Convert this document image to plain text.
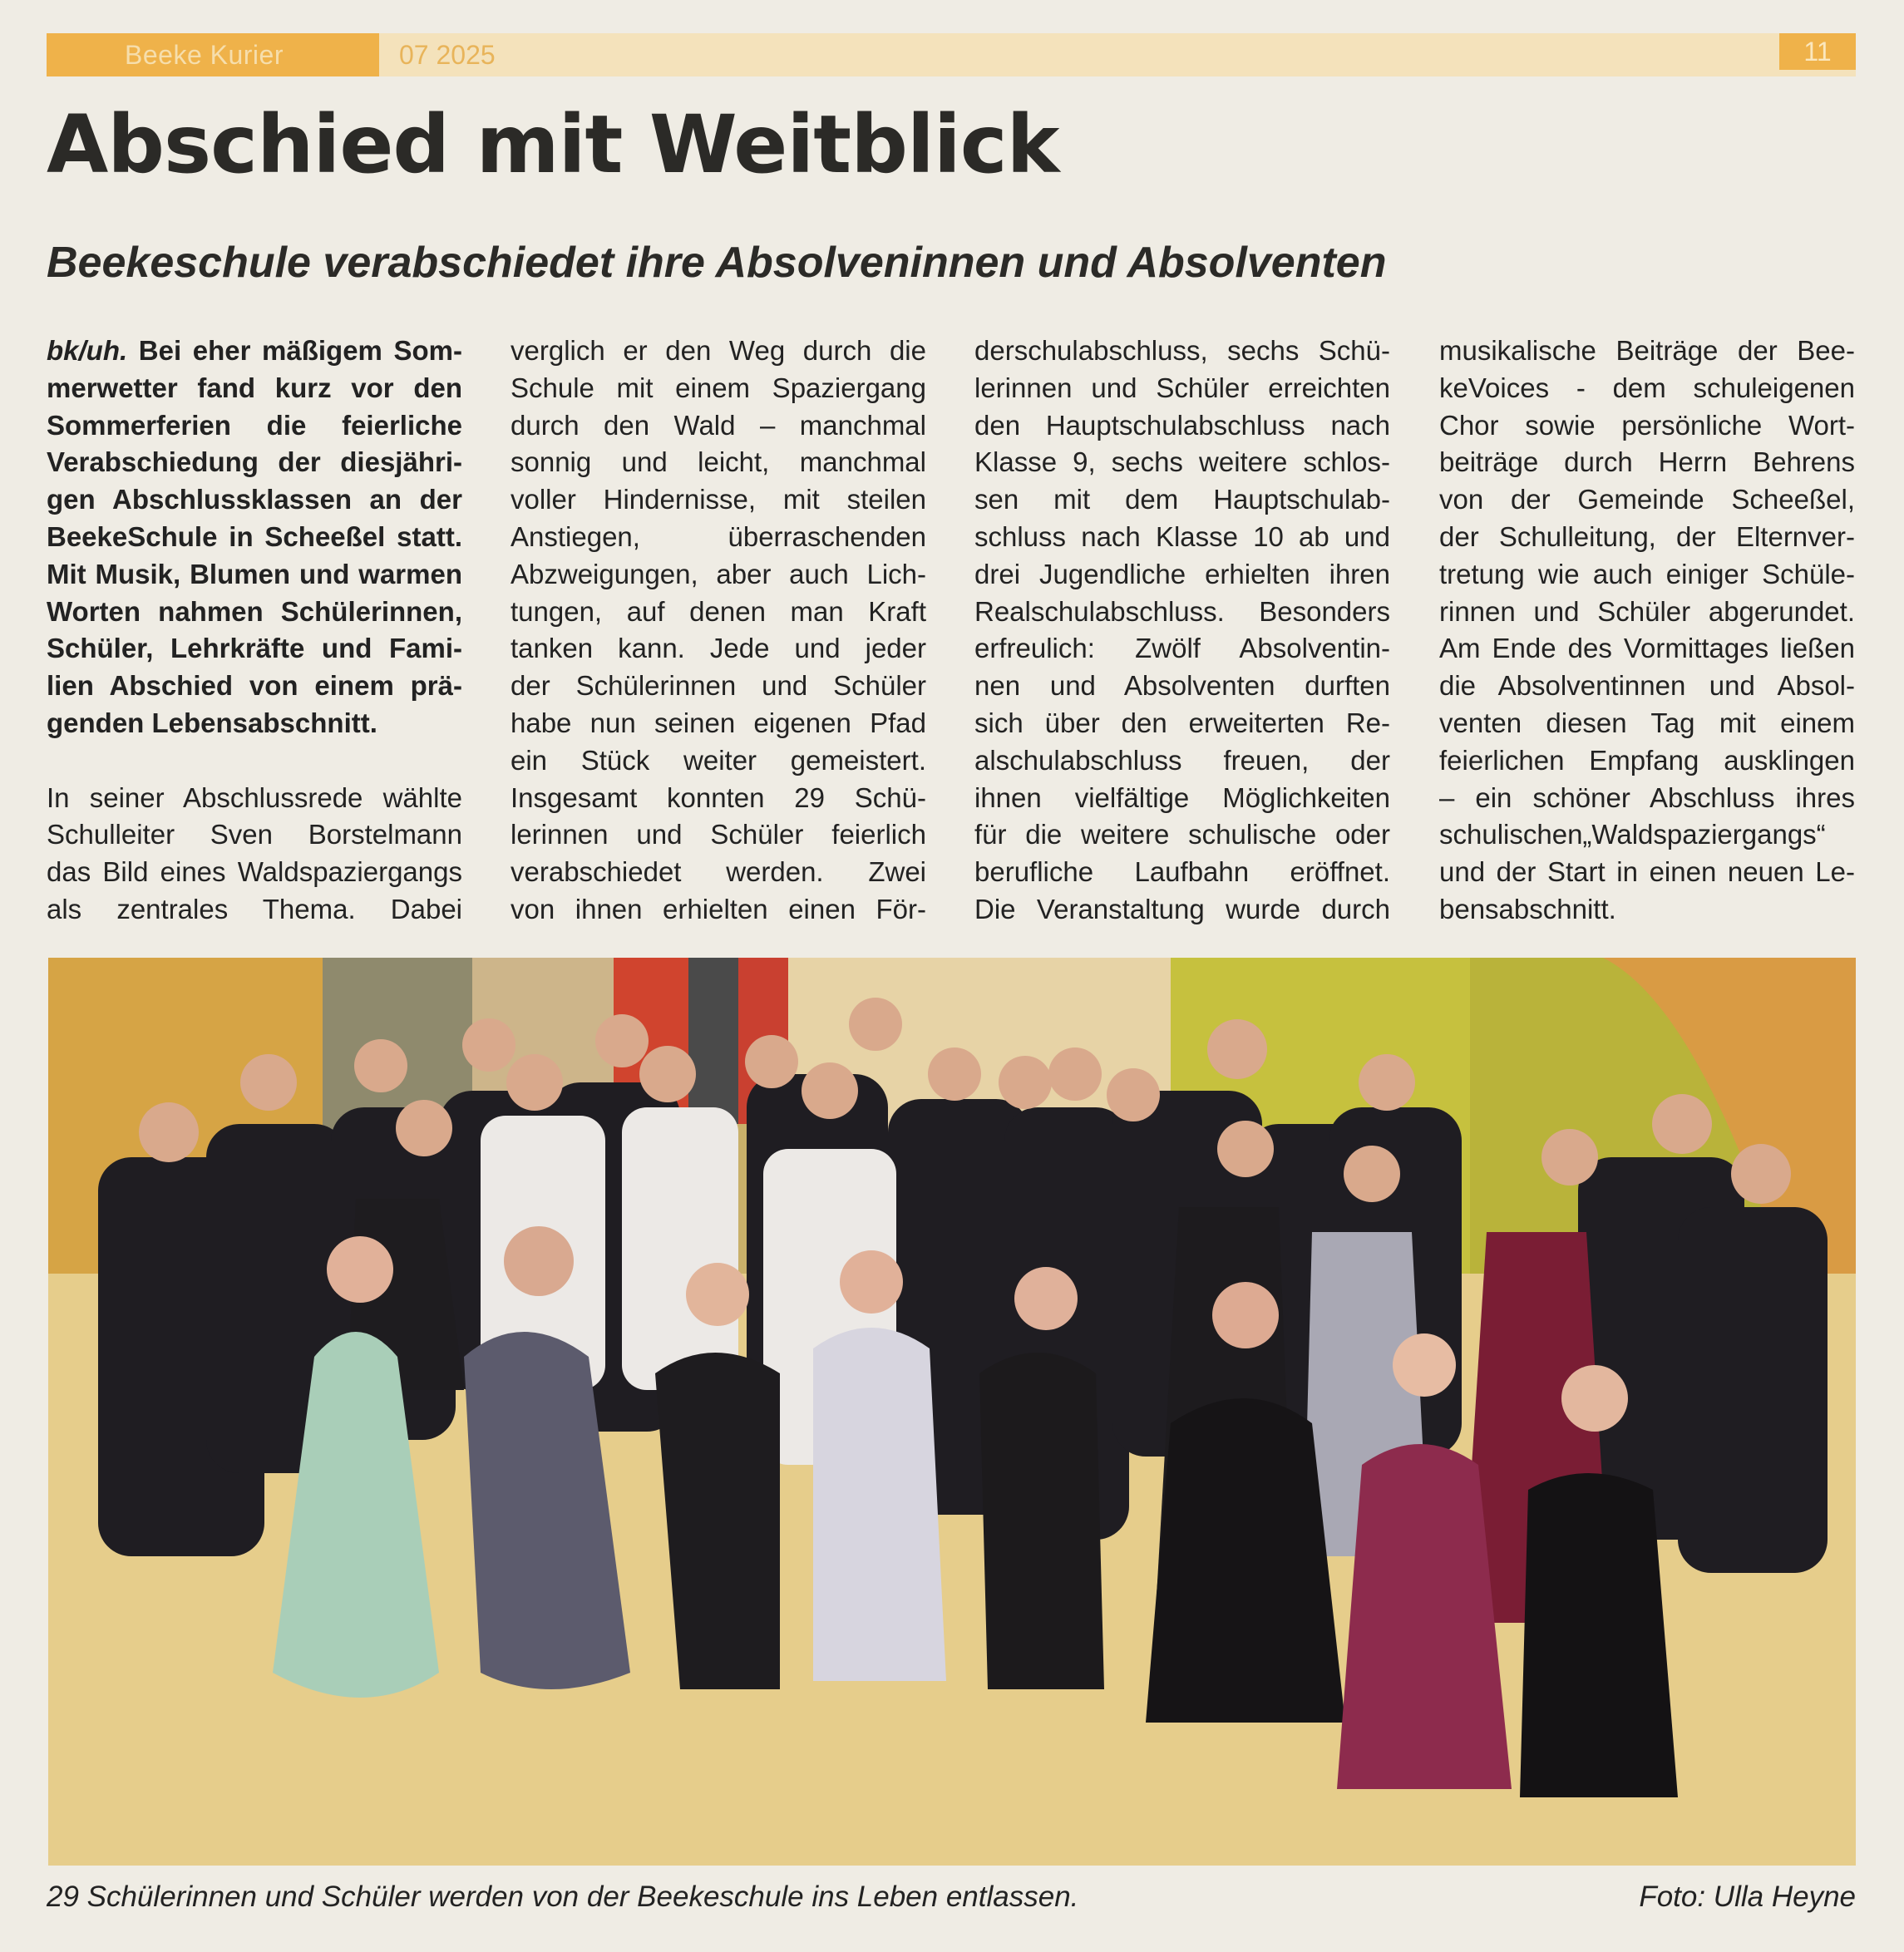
Beeke Kurier	07 2025	11
Abschied mit Weitblick
Beekeschule verabschiedet ihre Absolveninnen und Absolventen
bk/uh. Bei eher mäßigem Som-
merwetter fand kurz vor den
Sommerferien die feierliche
Verabschiedung der diesjähri-
gen Abschlussklassen an der
BeekeSchule in Scheeßel statt.
Mit Musik, Blumen und warmen
Worten nahmen Schülerinnen,
Schüler, Lehrkräfte und Fami-
lien Abschied von einem prä-
genden Lebensabschnitt.
In seiner Abschlussrede wählte
Schulleiter Sven Borstelmann
das Bild eines Waldspaziergangs
als zentrales Thema. Dabei
verglich er den Weg durch die
Schule mit einem Spaziergang
durch den Wald – manchmal
sonnig und leicht, manchmal
voller Hindernisse, mit steilen
Anstiegen, überraschenden
Abzweigungen, aber auch Lich-
tungen, auf denen man Kraft
tanken kann. Jede und jeder
der Schülerinnen und Schüler
habe nun seinen eigenen Pfad
ein Stück weiter gemeistert.
Insgesamt konnten 29 Schü-
lerinnen und Schüler feierlich
verabschiedet werden. Zwei
von ihnen erhielten einen För-
derschulabschluss, sechs Schü-
lerinnen und Schüler erreichten
den Hauptschulabschluss nach
Klasse 9, sechs weitere schlos-
sen mit dem Hauptschulab-
schluss nach Klasse 10 ab und
drei Jugendliche erhielten ihren
Realschulabschluss. Besonders
erfreulich: Zwölf Absolventin-
nen und Absolventen durften
sich über den erweiterten Re-
alschulabschluss freuen, der
ihnen vielfältige Möglichkeiten
für die weitere schulische oder
berufliche Laufbahn eröffnet.
Die Veranstaltung wurde durch
musikalische Beiträge der Bee-
keVoices - dem schuleigenen
Chor sowie persönliche Wort-
beiträge durch Herrn Behrens
von der Gemeinde Scheeßel,
der Schulleitung, der Elternver-
tretung wie auch einiger Schüle-
rinnen und Schüler abgerundet.
Am Ende des Vormittages ließen
die Absolventinnen und Absol-
venten diesen Tag mit einem
feierlichen Empfang ausklingen
– ein schöner Abschluss ihres
schulischen„Waldspaziergangs“
und der Start in einen neuen Le-
bensabschnitt.
29 Schülerinnen und Schüler werden von der Beekeschule ins Leben entlassen.	Foto: Ulla Heyne
